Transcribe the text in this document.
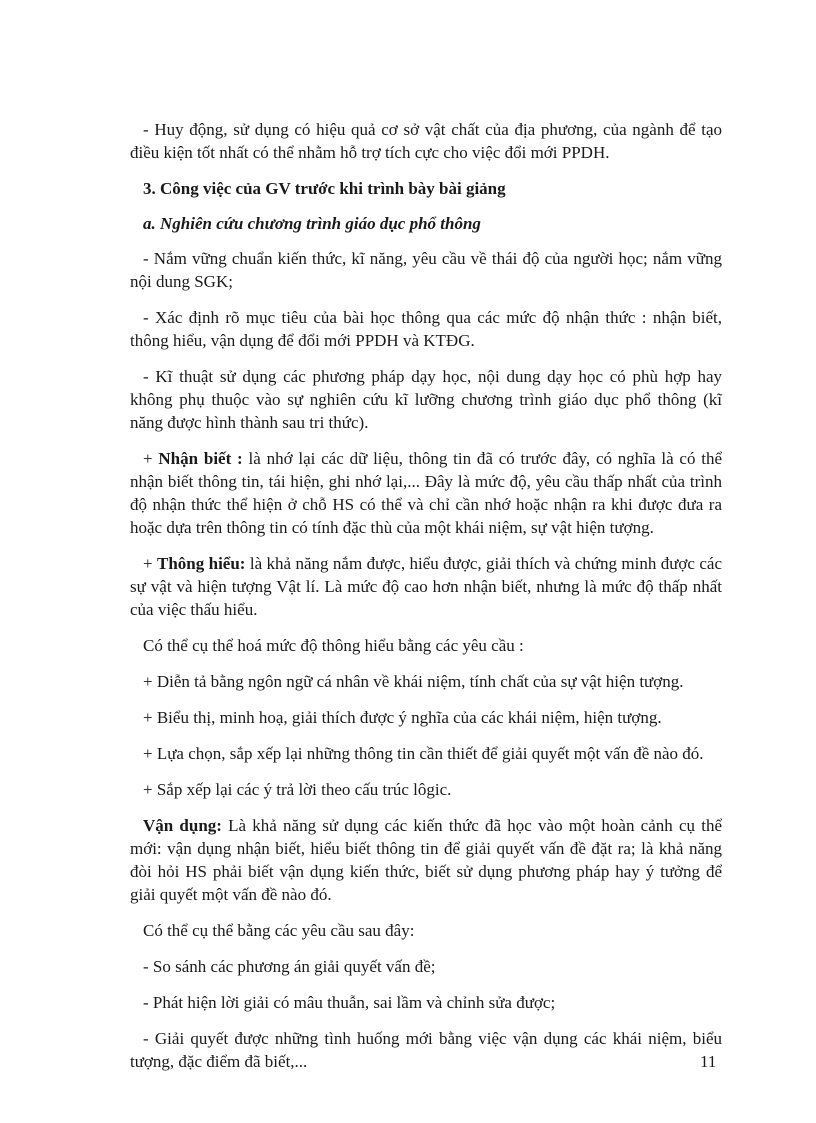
- Huy động, sử dụng có hiệu quả cơ sở vật chất của địa phương, của ngành để tạo điều kiện tốt nhất có thể nhằm hỗ trợ tích cực cho việc đổi mới PPDH.

3. Công việc của GV trước khi trình bày bài giảng

a. Nghiên cứu chương trình giáo dục phổ thông

- Nắm vững chuẩn kiến thức, kĩ năng, yêu cầu về thái độ của người học; nắm vững nội dung SGK;

- Xác định rõ mục tiêu của bài học thông qua các mức độ nhận thức : nhận biết, thông hiểu, vận dụng để đổi mới PPDH và KTĐG.

- Kĩ thuật sử dụng các phương pháp dạy học, nội dung dạy học có phù hợp hay không phụ thuộc vào sự nghiên cứu kĩ lưỡng chương trình giáo dục phổ thông (kĩ năng được hình thành sau tri thức).

+ Nhận biết : là nhớ lại các dữ liệu, thông tin đã có trước đây, có nghĩa là có thể nhận biết thông tin, tái hiện, ghi nhớ lại,... Đây là mức độ, yêu cầu thấp nhất của trình độ nhận thức thể hiện ở chỗ HS có thể và chỉ cần nhớ hoặc nhận ra khi được đưa ra hoặc dựa trên thông tin có tính đặc thù của một khái niệm, sự vật hiện tượng.

+ Thông hiểu: là khả năng nắm được, hiểu được, giải thích và chứng minh được các sự vật và hiện tượng Vật lí. Là mức độ cao hơn nhận biết, nhưng là mức độ thấp nhất của việc thấu hiểu.

Có thể cụ thể hoá mức độ thông hiểu bằng các yêu cầu :

+ Diễn tả bằng ngôn ngữ cá nhân về khái niệm, tính chất của sự vật hiện tượng.

+ Biểu thị, minh hoạ, giải thích được ý nghĩa của các khái niệm, hiện tượng.

+ Lựa chọn, sắp xếp lại những thông tin cần thiết để giải quyết một vấn đề nào đó.

+ Sắp xếp lại các ý trả lời theo cấu trúc lôgic.

Vận dụng: Là khả năng sử dụng các kiến thức đã học vào một hoàn cảnh cụ thể mới: vận dụng nhận biết, hiểu biết thông tin để giải quyết vấn đề đặt ra; là khả năng đòi hỏi HS phải biết vận dụng kiến thức, biết sử dụng phương pháp hay ý tưởng để giải quyết một vấn đề nào đó.

Có thể cụ thể bằng các yêu cầu sau đây:

- So sánh các phương án giải quyết vấn đề;

- Phát hiện lời giải có mâu thuẫn, sai lầm và chỉnh sửa được;

- Giải quyết được những tình huống mới bằng việc vận dụng các khái niệm, biểu tượng, đặc điểm đã biết,...	11
